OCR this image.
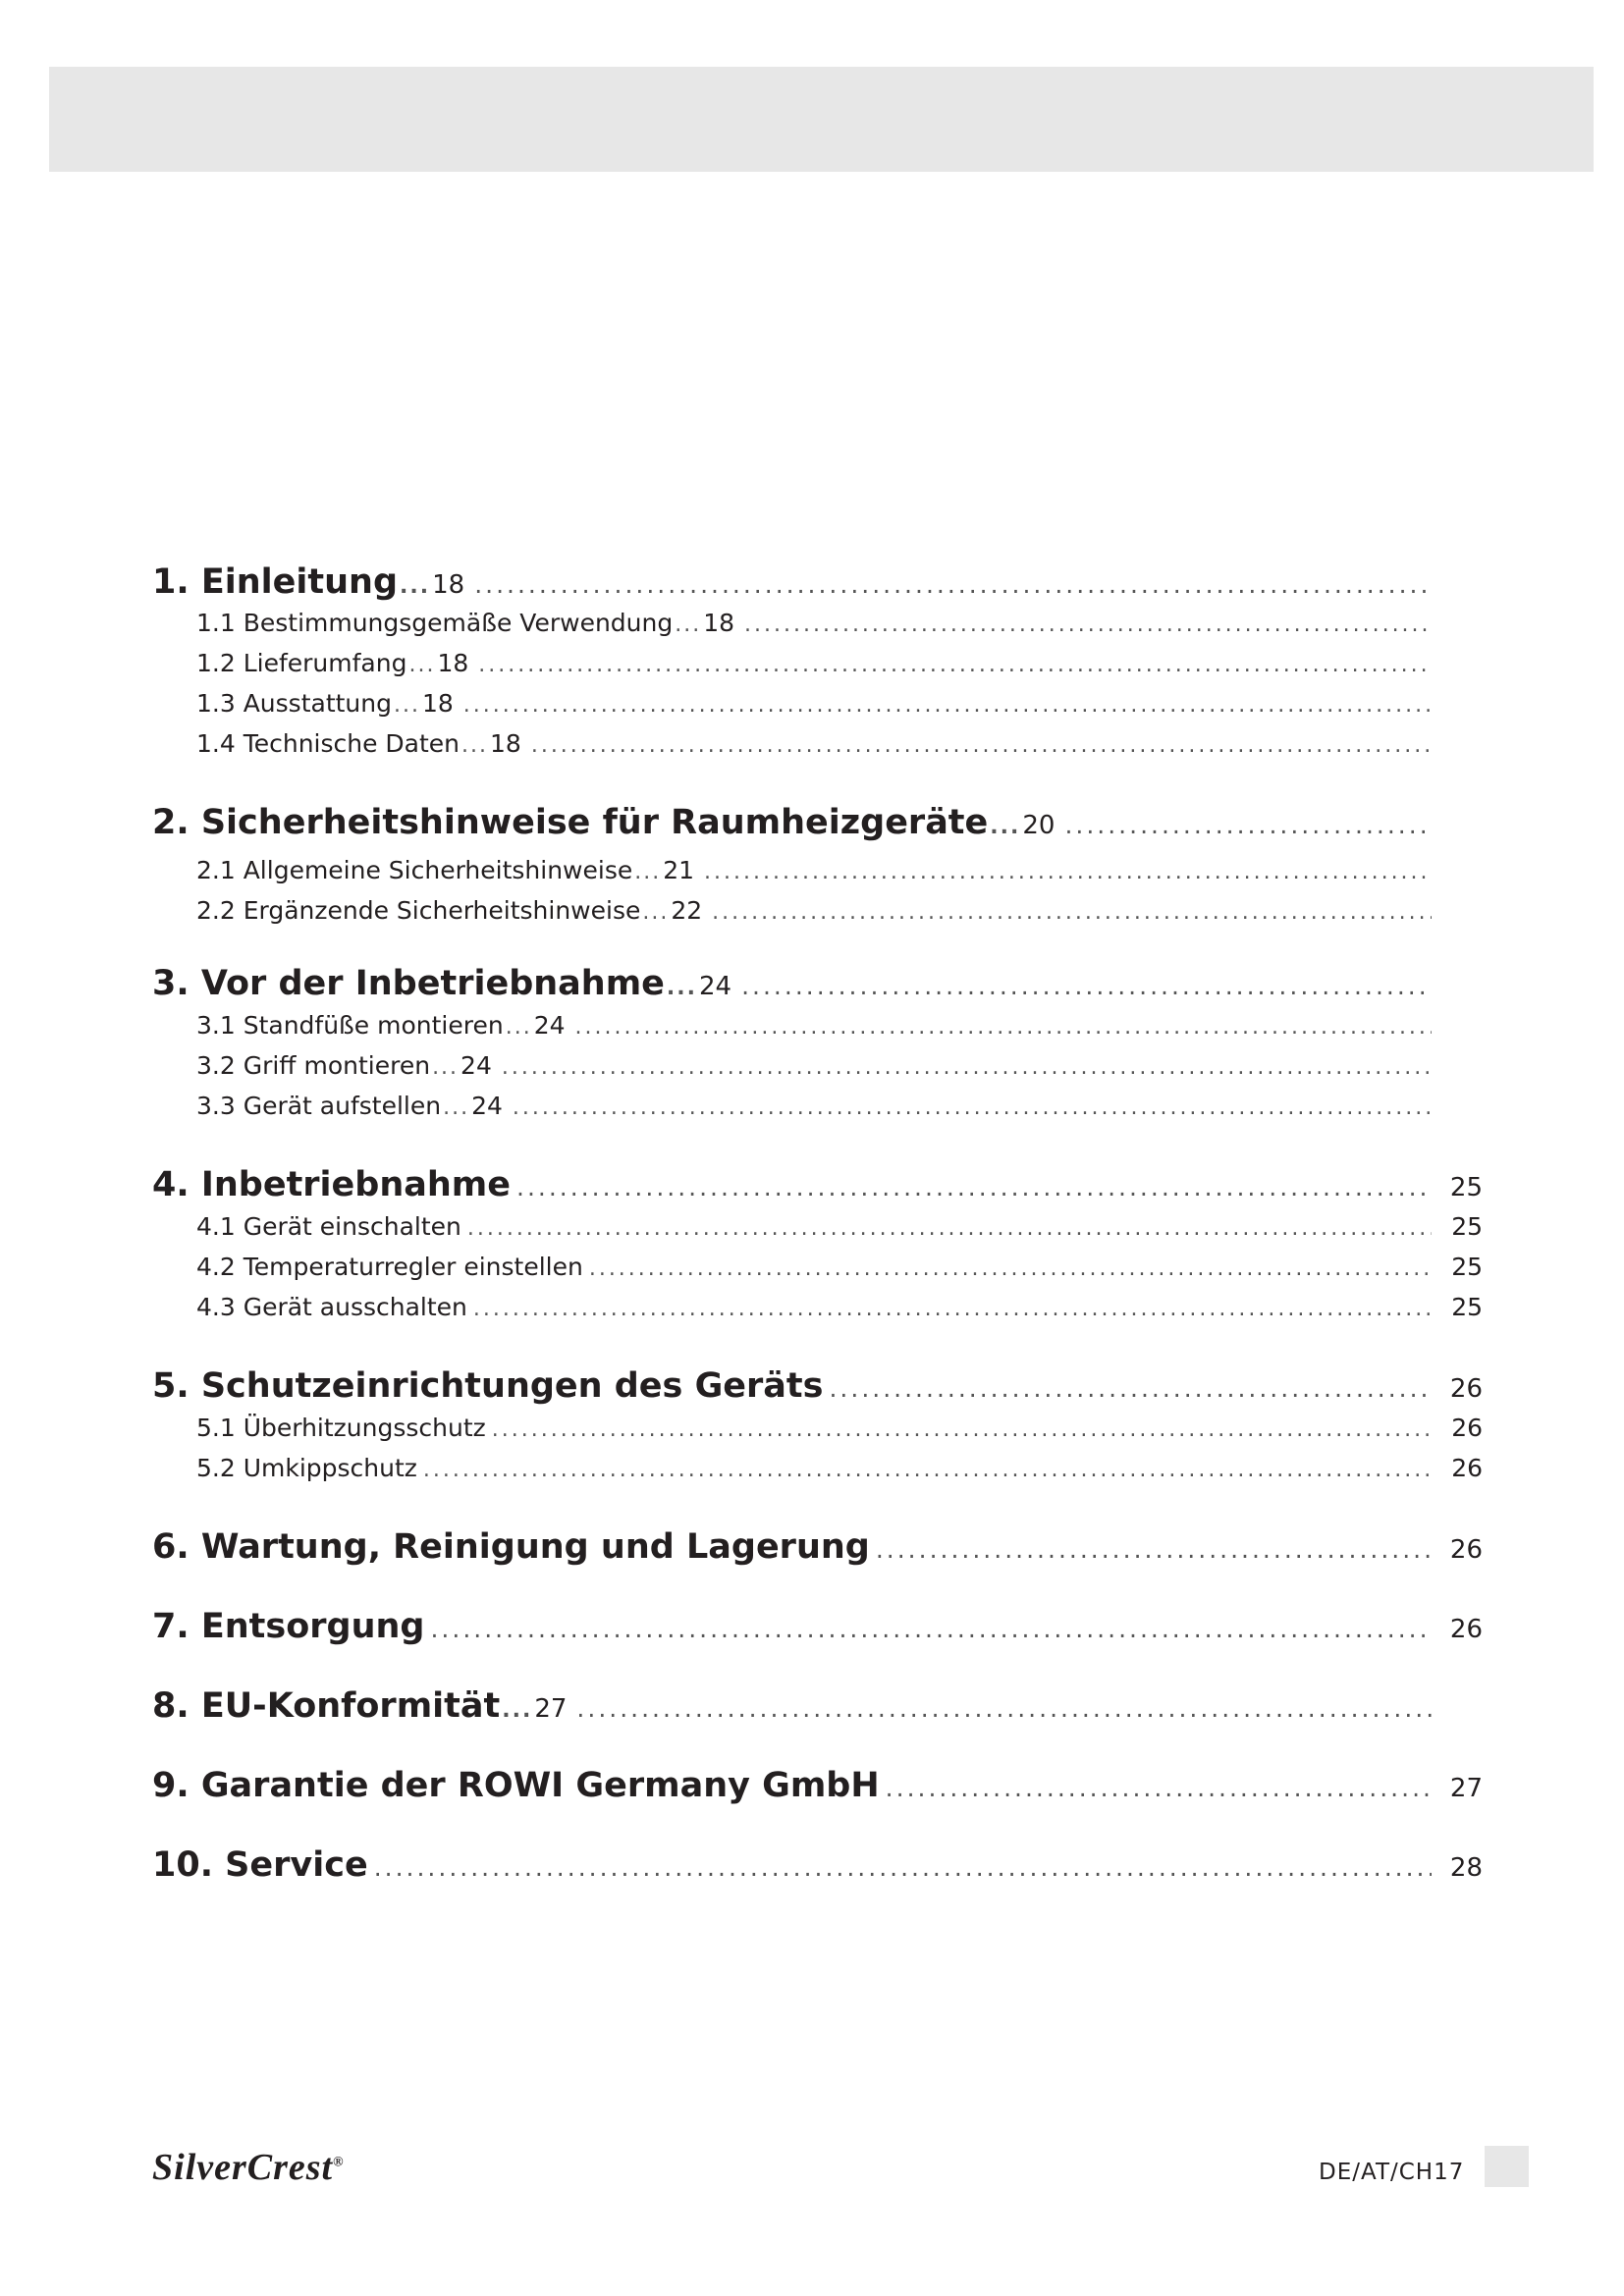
1. Einleitung ... 18
.....
1.1 Bestimmungsgemäße Verwendung ... 18
.....
1.2 Lieferumfang ... 18
.....
1.3 Ausstattung ... 18
.....
1.4 Technische Daten ... 18
.....
2. Sicherheitshinweise für Raumheizgeräte ... 20
.....
2.1 Allgemeine Sicherheitshinweise ... 21
.....
2.2 Ergänzende Sicherheitshinweise ... 22
.....
3. Vor der Inbetriebnahme ... 24
.....
3.1 Standfüße montieren ... 24
.....
3.2 Griff montieren ... 24
.....
3.3 Gerät aufstellen ... 24
.....
4. Inbetriebnahme .....	25
4.1 Gerät einschalten .....	25
4.2 Temperaturregler einstellen .....	25
4.3 Gerät ausschalten .....	25
5. Schutzeinrichtungen des Geräts .....	26
5.1 Überhitzungsschutz .....	26
5.2 Umkippschutz .....	26
6. Wartung, Reinigung und Lagerung .....	26
7. Entsorgung .....	26
8. EU-Konformität ... 27
.....
9. Garantie der ROWI Germany GmbH .....	27
10. Service .....	28
SilverCrest®	DE/AT/CH17
